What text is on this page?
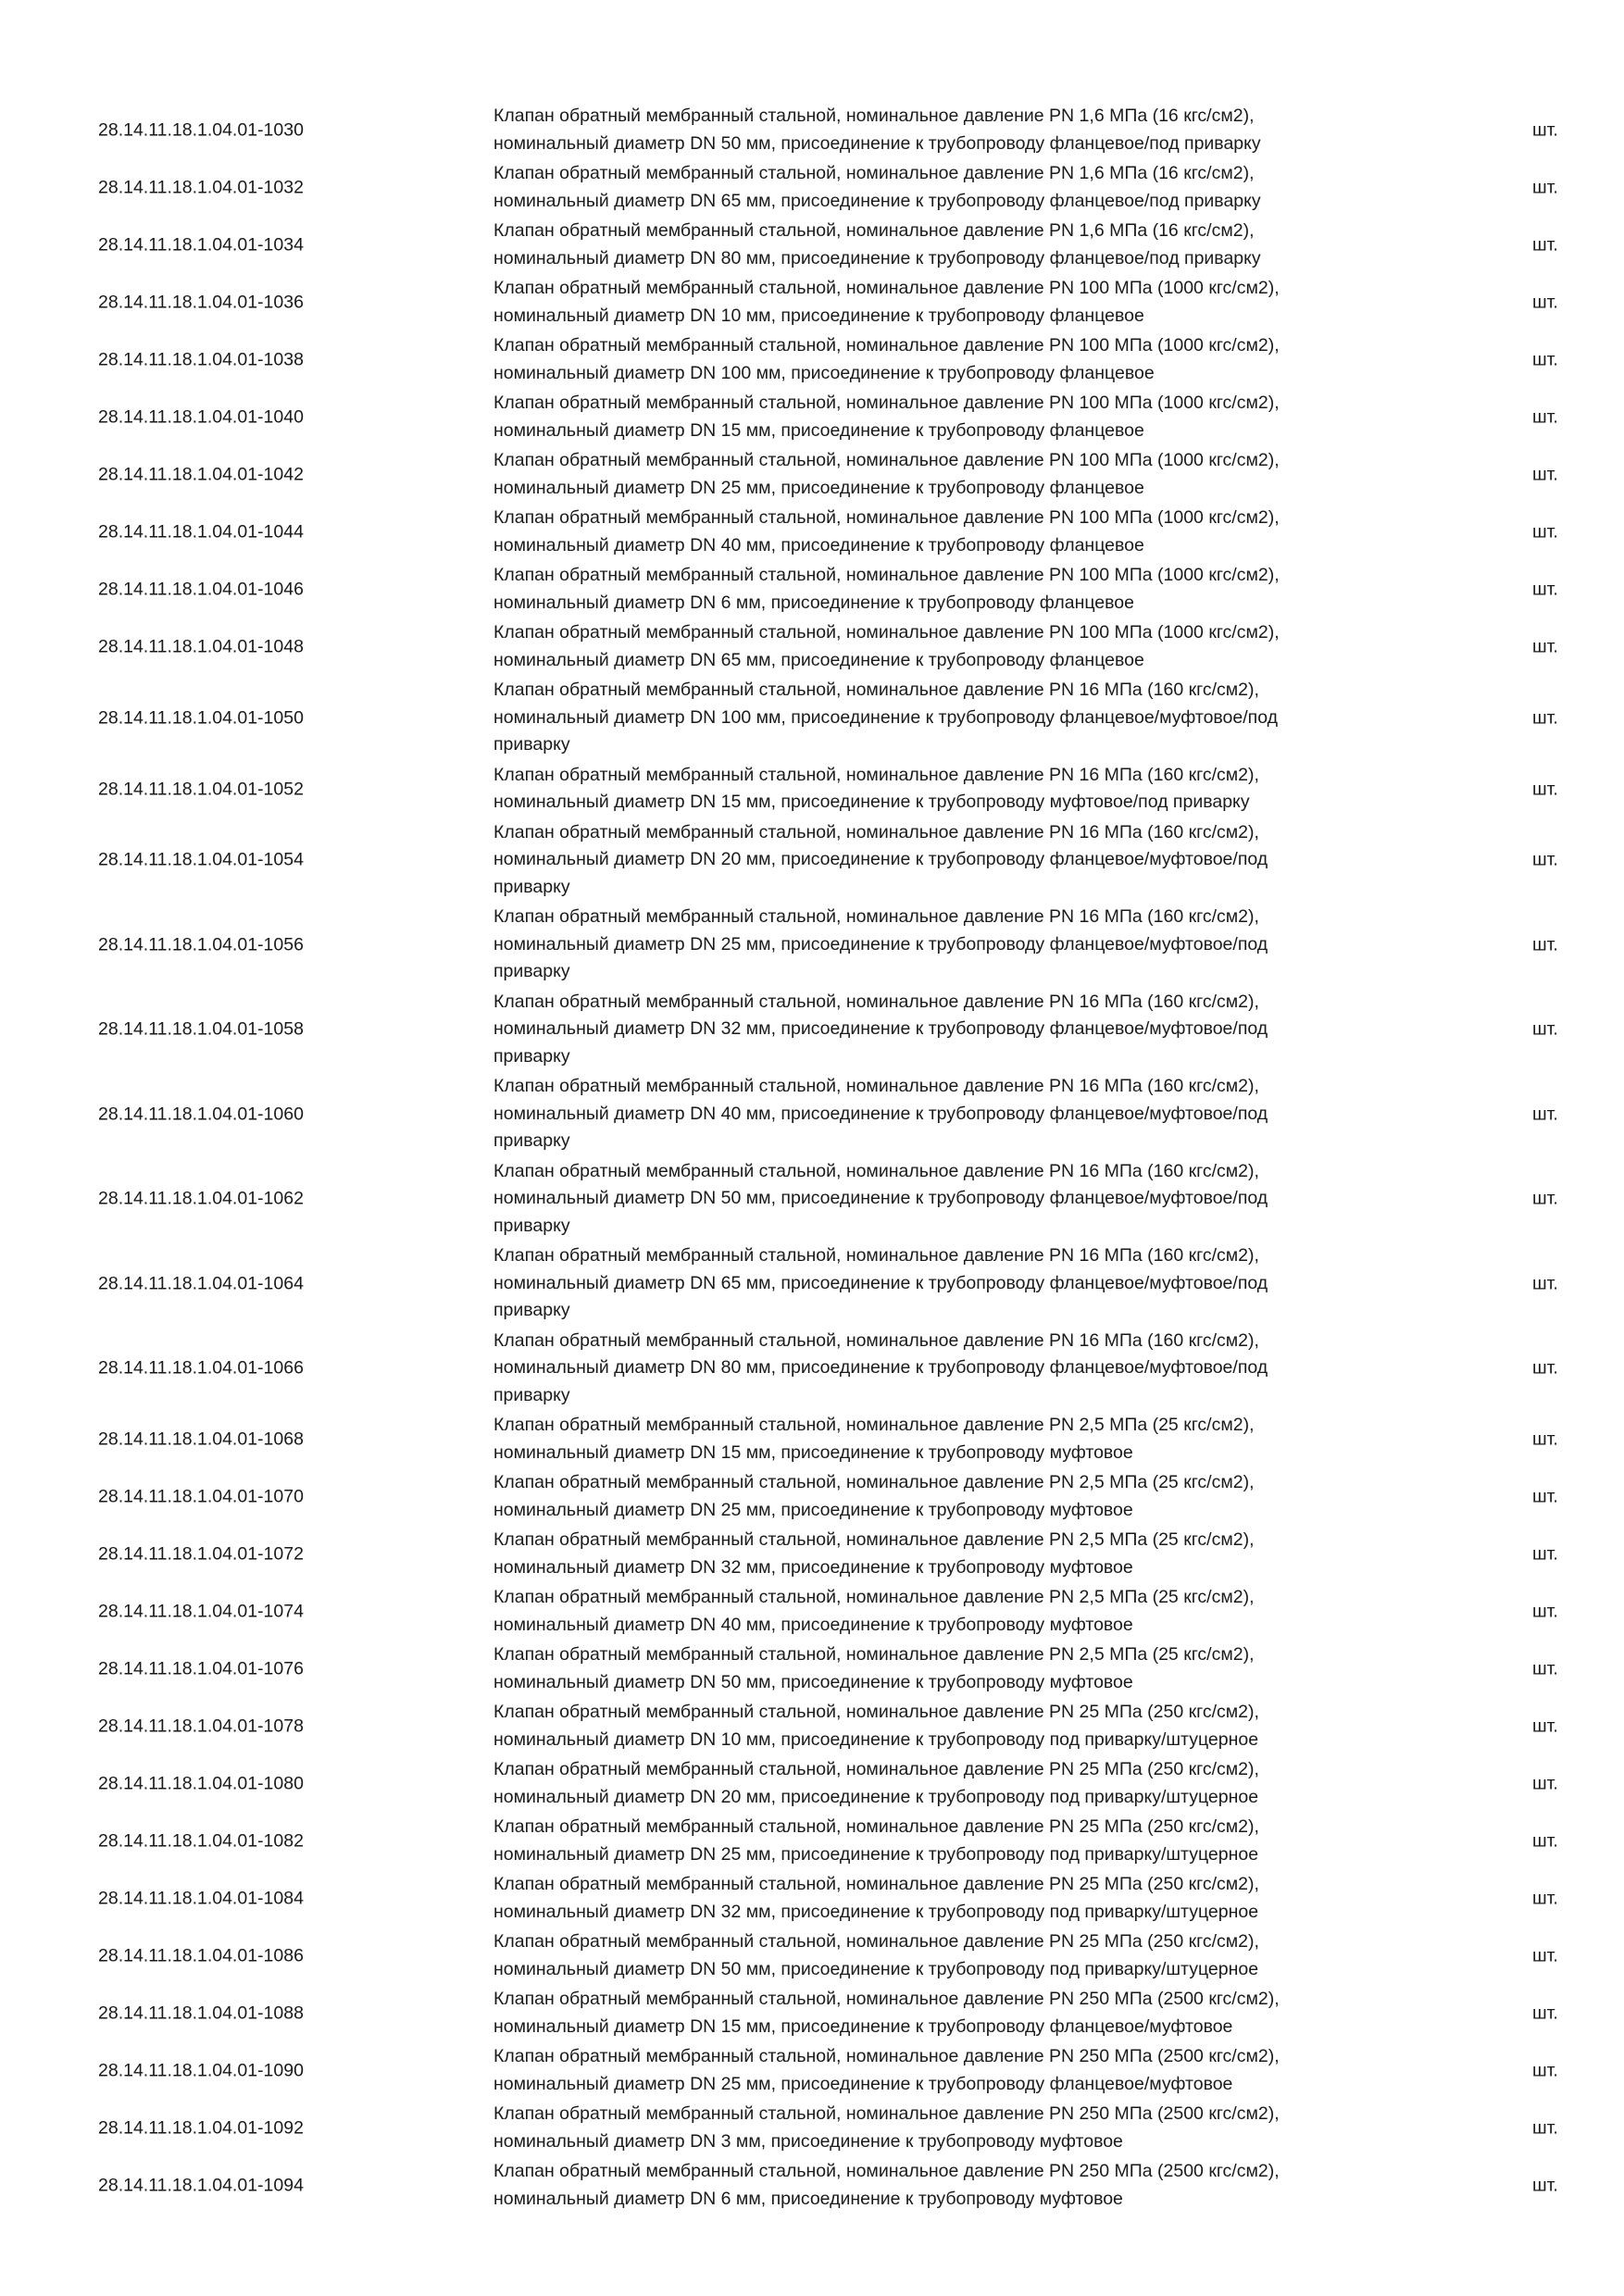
28.14.11.18.1.04.01-1030
Клапан обратный мембранный стальной, номинальное давление PN 1,6 МПа (16 кгс/см2),
номинальный диаметр DN 50 мм, присоединение к трубопроводу фланцевое/под приварку
шт.
28.14.11.18.1.04.01-1032
Клапан обратный мембранный стальной, номинальное давление PN 1,6 МПа (16 кгс/см2),
номинальный диаметр DN 65 мм, присоединение к трубопроводу фланцевое/под приварку
шт.
28.14.11.18.1.04.01-1034
Клапан обратный мембранный стальной, номинальное давление PN 1,6 МПа (16 кгс/см2),
номинальный диаметр DN 80 мм, присоединение к трубопроводу фланцевое/под приварку
шт.
28.14.11.18.1.04.01-1036
Клапан обратный мембранный стальной, номинальное давление PN 100 МПа (1000 кгс/см2),
номинальный диаметр DN 10 мм, присоединение к трубопроводу фланцевое
шт.
28.14.11.18.1.04.01-1038
Клапан обратный мембранный стальной, номинальное давление PN 100 МПа (1000 кгс/см2),
номинальный диаметр DN 100 мм, присоединение к трубопроводу фланцевое
шт.
28.14.11.18.1.04.01-1040
Клапан обратный мембранный стальной, номинальное давление PN 100 МПа (1000 кгс/см2),
номинальный диаметр DN 15 мм, присоединение к трубопроводу фланцевое
шт.
28.14.11.18.1.04.01-1042
Клапан обратный мембранный стальной, номинальное давление PN 100 МПа (1000 кгс/см2),
номинальный диаметр DN 25 мм, присоединение к трубопроводу фланцевое
шт.
28.14.11.18.1.04.01-1044
Клапан обратный мембранный стальной, номинальное давление PN 100 МПа (1000 кгс/см2),
номинальный диаметр DN 40 мм, присоединение к трубопроводу фланцевое
шт.
28.14.11.18.1.04.01-1046
Клапан обратный мембранный стальной, номинальное давление PN 100 МПа (1000 кгс/см2),
номинальный диаметр DN 6 мм, присоединение к трубопроводу фланцевое
шт.
28.14.11.18.1.04.01-1048
Клапан обратный мембранный стальной, номинальное давление PN 100 МПа (1000 кгс/см2),
номинальный диаметр DN 65 мм, присоединение к трубопроводу фланцевое
шт.
28.14.11.18.1.04.01-1050
Клапан обратный мембранный стальной, номинальное давление PN 16 МПа (160 кгс/см2),
номинальный диаметр DN 100 мм, присоединение к трубопроводу фланцевое/муфтовое/под
приварку
шт.
28.14.11.18.1.04.01-1052
Клапан обратный мембранный стальной, номинальное давление PN 16 МПа (160 кгс/см2),
номинальный диаметр DN 15 мм, присоединение к трубопроводу муфтовое/под приварку
шт.
28.14.11.18.1.04.01-1054
Клапан обратный мембранный стальной, номинальное давление PN 16 МПа (160 кгс/см2),
номинальный диаметр DN 20 мм, присоединение к трубопроводу фланцевое/муфтовое/под
приварку
шт.
28.14.11.18.1.04.01-1056
Клапан обратный мембранный стальной, номинальное давление PN 16 МПа (160 кгс/см2),
номинальный диаметр DN 25 мм, присоединение к трубопроводу фланцевое/муфтовое/под
приварку
шт.
28.14.11.18.1.04.01-1058
Клапан обратный мембранный стальной, номинальное давление PN 16 МПа (160 кгс/см2),
номинальный диаметр DN 32 мм, присоединение к трубопроводу фланцевое/муфтовое/под
приварку
шт.
28.14.11.18.1.04.01-1060
Клапан обратный мембранный стальной, номинальное давление PN 16 МПа (160 кгс/см2),
номинальный диаметр DN 40 мм, присоединение к трубопроводу фланцевое/муфтовое/под
приварку
шт.
28.14.11.18.1.04.01-1062
Клапан обратный мембранный стальной, номинальное давление PN 16 МПа (160 кгс/см2),
номинальный диаметр DN 50 мм, присоединение к трубопроводу фланцевое/муфтовое/под
приварку
шт.
28.14.11.18.1.04.01-1064
Клапан обратный мембранный стальной, номинальное давление PN 16 МПа (160 кгс/см2),
номинальный диаметр DN 65 мм, присоединение к трубопроводу фланцевое/муфтовое/под
приварку
шт.
28.14.11.18.1.04.01-1066
Клапан обратный мембранный стальной, номинальное давление PN 16 МПа (160 кгс/см2),
номинальный диаметр DN 80 мм, присоединение к трубопроводу фланцевое/муфтовое/под
приварку
шт.
28.14.11.18.1.04.01-1068
Клапан обратный мембранный стальной, номинальное давление PN 2,5 МПа (25 кгс/см2),
номинальный диаметр DN 15 мм, присоединение к трубопроводу муфтовое
шт.
28.14.11.18.1.04.01-1070
Клапан обратный мембранный стальной, номинальное давление PN 2,5 МПа (25 кгс/см2),
номинальный диаметр DN 25 мм, присоединение к трубопроводу муфтовое
шт.
28.14.11.18.1.04.01-1072
Клапан обратный мембранный стальной, номинальное давление PN 2,5 МПа (25 кгс/см2),
номинальный диаметр DN 32 мм, присоединение к трубопроводу муфтовое
шт.
28.14.11.18.1.04.01-1074
Клапан обратный мембранный стальной, номинальное давление PN 2,5 МПа (25 кгс/см2),
номинальный диаметр DN 40 мм, присоединение к трубопроводу муфтовое
шт.
28.14.11.18.1.04.01-1076
Клапан обратный мембранный стальной, номинальное давление PN 2,5 МПа (25 кгс/см2),
номинальный диаметр DN 50 мм, присоединение к трубопроводу муфтовое
шт.
28.14.11.18.1.04.01-1078
Клапан обратный мембранный стальной, номинальное давление PN 25 МПа (250 кгс/см2),
номинальный диаметр DN 10 мм, присоединение к трубопроводу под приварку/штуцерное
шт.
28.14.11.18.1.04.01-1080
Клапан обратный мембранный стальной, номинальное давление PN 25 МПа (250 кгс/см2),
номинальный диаметр DN 20 мм, присоединение к трубопроводу под приварку/штуцерное
шт.
28.14.11.18.1.04.01-1082
Клапан обратный мембранный стальной, номинальное давление PN 25 МПа (250 кгс/см2),
номинальный диаметр DN 25 мм, присоединение к трубопроводу под приварку/штуцерное
шт.
28.14.11.18.1.04.01-1084
Клапан обратный мембранный стальной, номинальное давление PN 25 МПа (250 кгс/см2),
номинальный диаметр DN 32 мм, присоединение к трубопроводу под приварку/штуцерное
шт.
28.14.11.18.1.04.01-1086
Клапан обратный мембранный стальной, номинальное давление PN 25 МПа (250 кгс/см2),
номинальный диаметр DN 50 мм, присоединение к трубопроводу под приварку/штуцерное
шт.
28.14.11.18.1.04.01-1088
Клапан обратный мембранный стальной, номинальное давление PN 250 МПа (2500 кгс/см2),
номинальный диаметр DN 15 мм, присоединение к трубопроводу фланцевое/муфтовое
шт.
28.14.11.18.1.04.01-1090
Клапан обратный мембранный стальной, номинальное давление PN 250 МПа (2500 кгс/см2),
номинальный диаметр DN 25 мм, присоединение к трубопроводу фланцевое/муфтовое
шт.
28.14.11.18.1.04.01-1092
Клапан обратный мембранный стальной, номинальное давление PN 250 МПа (2500 кгс/см2),
номинальный диаметр DN 3 мм, присоединение к трубопроводу муфтовое
шт.
28.14.11.18.1.04.01-1094
Клапан обратный мембранный стальной, номинальное давление PN 250 МПа (2500 кгс/см2),
номинальный диаметр DN 6 мм, присоединение к трубопроводу муфтовое
шт.
